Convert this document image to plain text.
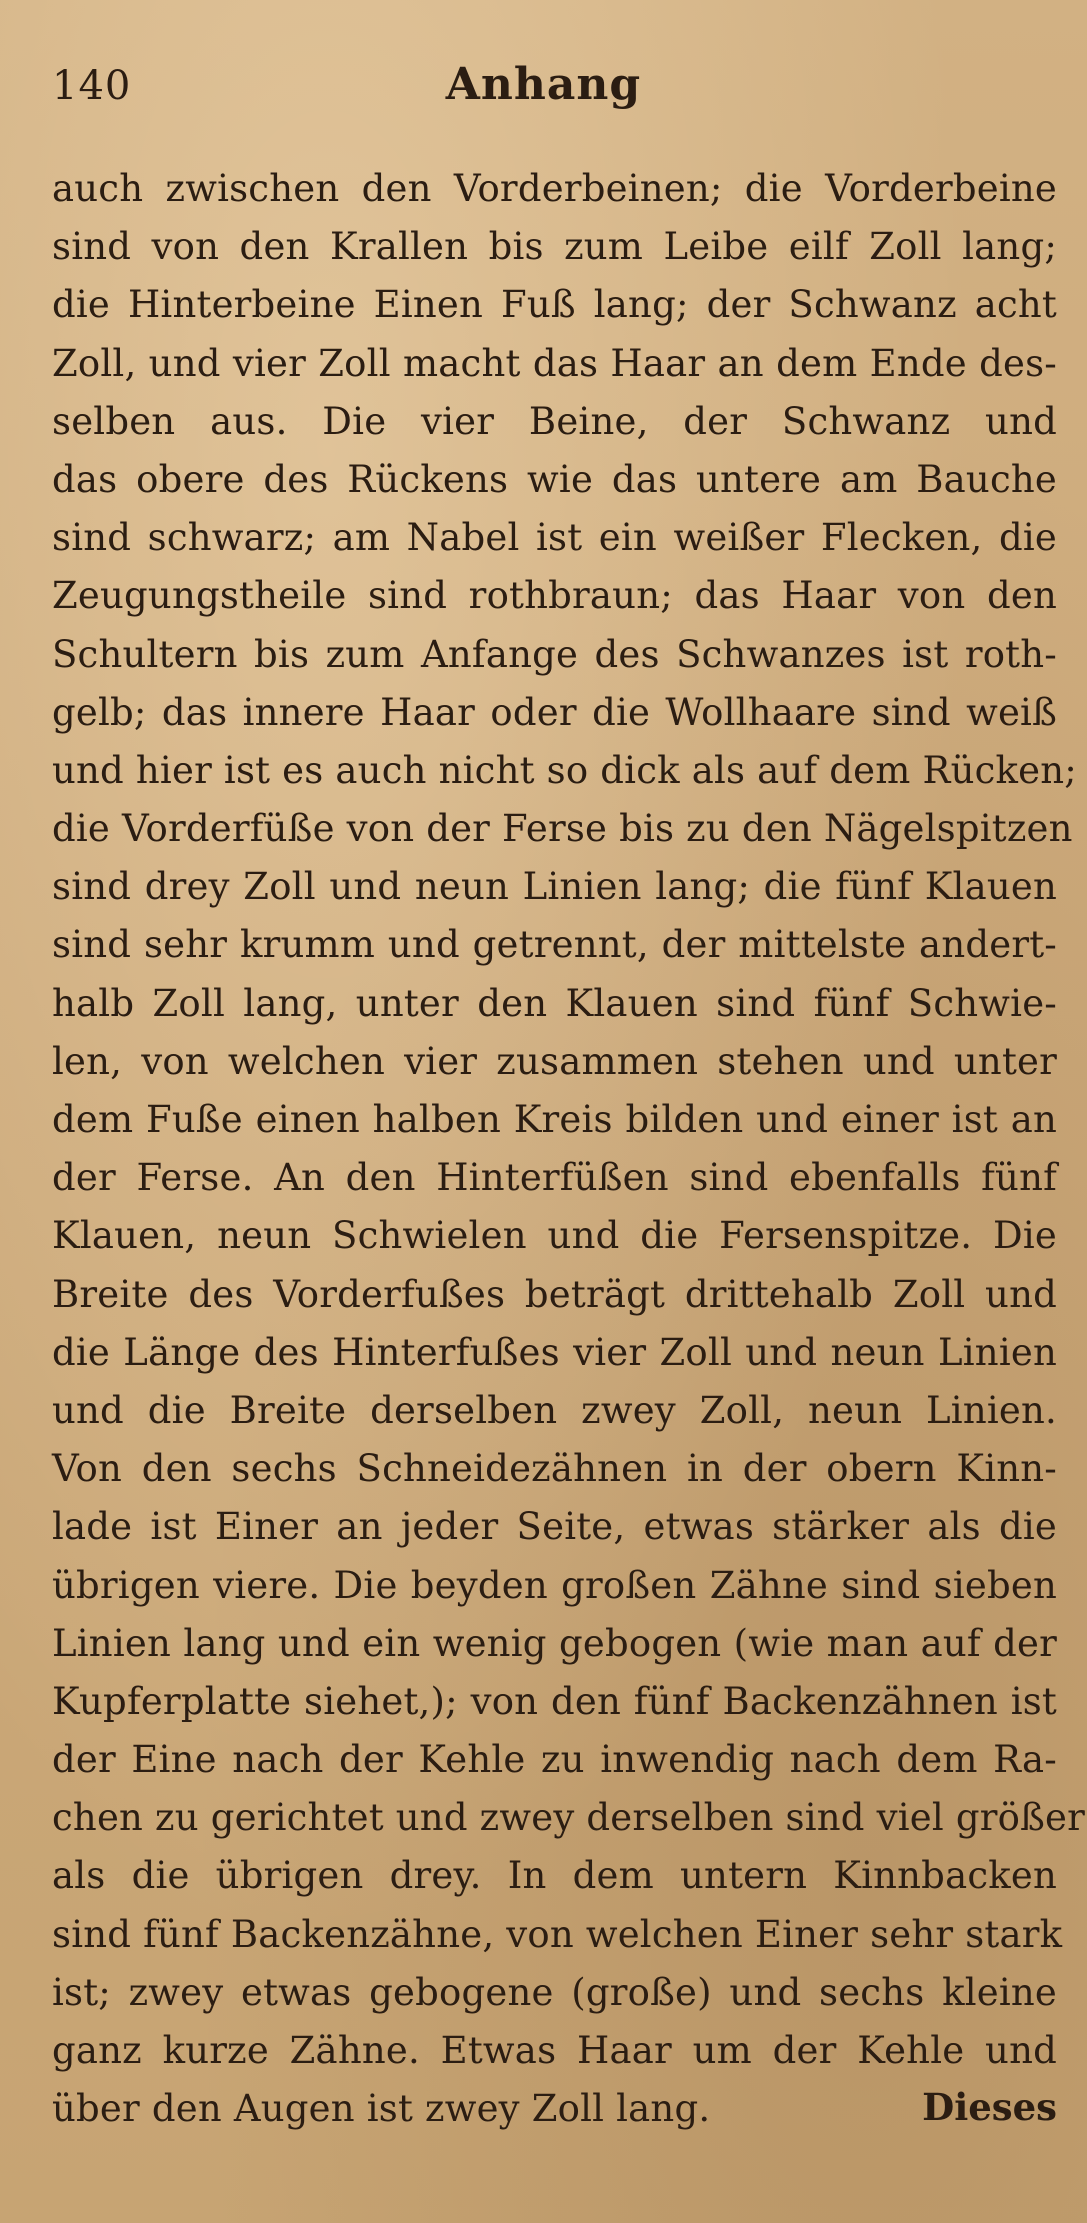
140	Anhang
auch zwischen den Vorderbeinen; die Vorderbeine
sind von den Krallen bis zum Leibe eilf Zoll lang;
die Hinterbeine Einen Fuß lang; der Schwanz acht
Zoll, und vier Zoll macht das Haar an dem Ende des-
selben aus. Die vier Beine, der Schwanz und
das obere des Rückens wie das untere am Bauche
sind schwarz; am Nabel ist ein weißer Flecken, die
Zeugungstheile sind rothbraun; das Haar von den
Schultern bis zum Anfange des Schwanzes ist roth-
gelb; das innere Haar oder die Wollhaare sind weiß
und hier ist es auch nicht so dick als auf dem Rücken;
die Vorderfüße von der Ferse bis zu den Nägelspitzen
sind drey Zoll und neun Linien lang; die fünf Klauen
sind sehr krumm und getrennt, der mittelste andert-
halb Zoll lang, unter den Klauen sind fünf Schwie-
len, von welchen vier zusammen stehen und unter
dem Fuße einen halben Kreis bilden und einer ist an
der Ferse. An den Hinterfüßen sind ebenfalls fünf
Klauen, neun Schwielen und die Fersenspitze. Die
Breite des Vorderfußes beträgt drittehalb Zoll und
die Länge des Hinterfußes vier Zoll und neun Linien
und die Breite derselben zwey Zoll, neun Linien.
Von den sechs Schneidezähnen in der obern Kinn-
lade ist Einer an jeder Seite, etwas stärker als die
übrigen viere. Die beyden großen Zähne sind sieben
Linien lang und ein wenig gebogen (wie man auf der
Kupferplatte siehet,); von den fünf Backenzähnen ist
der Eine nach der Kehle zu inwendig nach dem Ra-
chen zu gerichtet und zwey derselben sind viel größer
als die übrigen drey. In dem untern Kinnbacken
sind fünf Backenzähne, von welchen Einer sehr stark
ist; zwey etwas gebogene (große) und sechs kleine
ganz kurze Zähne. Etwas Haar um der Kehle und
über den Augen ist zwey Zoll lang.	Dieses
